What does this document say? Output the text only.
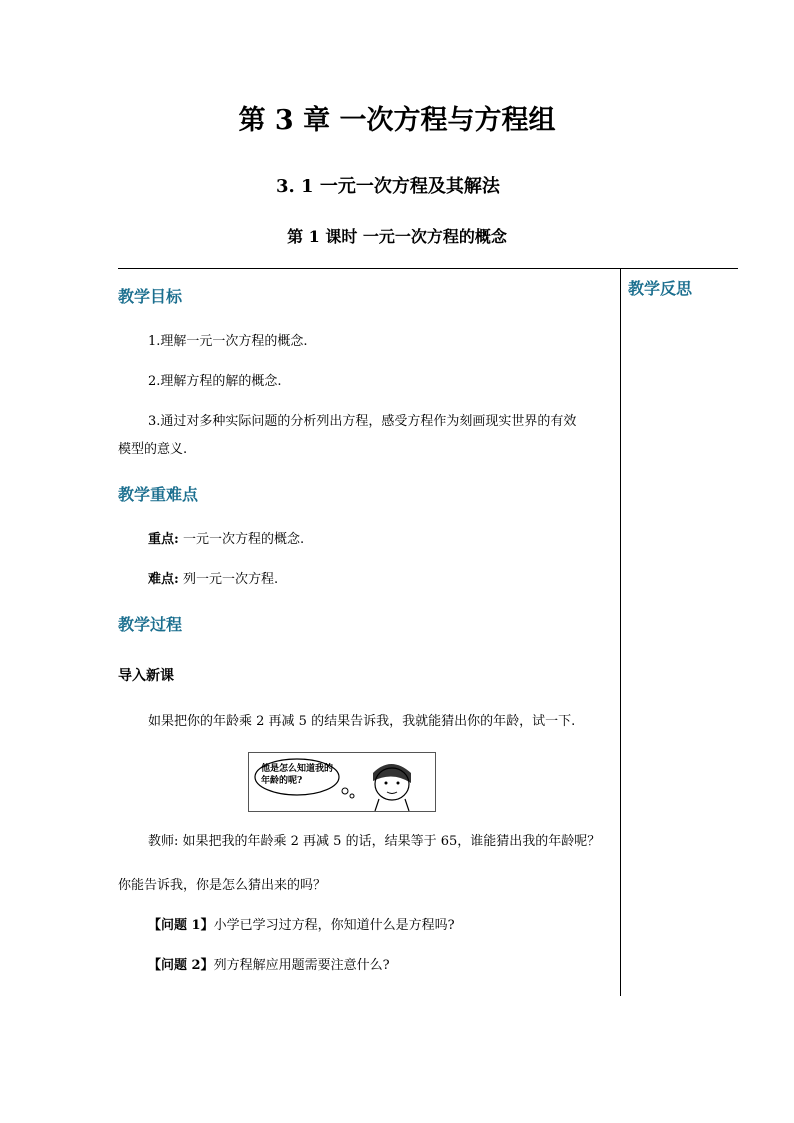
第 3 章 一次方程与方程组
3. 1 一元一次方程及其解法
第 1 课时 一元一次方程的概念
教学反思
教学目标
1.理解一元一次方程的概念.
2.理解方程的解的概念.
3.通过对多种实际问题的分析列出方程，感受方程作为刻画现实世界的有效
模型的意义.
教学重难点
重点: 一元一次方程的概念.
难点: 列一元一次方程.
教学过程
导入新课
如果把你的年龄乘 2 再减 5 的结果告诉我，我就能猜出你的年龄，试一下.
他是怎么知道我的年龄的呢?
教师: 如果把我的年龄乘 2 再减 5 的话，结果等于 65，谁能猜出我的年龄呢？
你能告诉我，你是怎么猜出来的吗？
【问题 1】小学已学习过方程，你知道什么是方程吗?
【问题 2】列方程解应用题需要注意什么?
